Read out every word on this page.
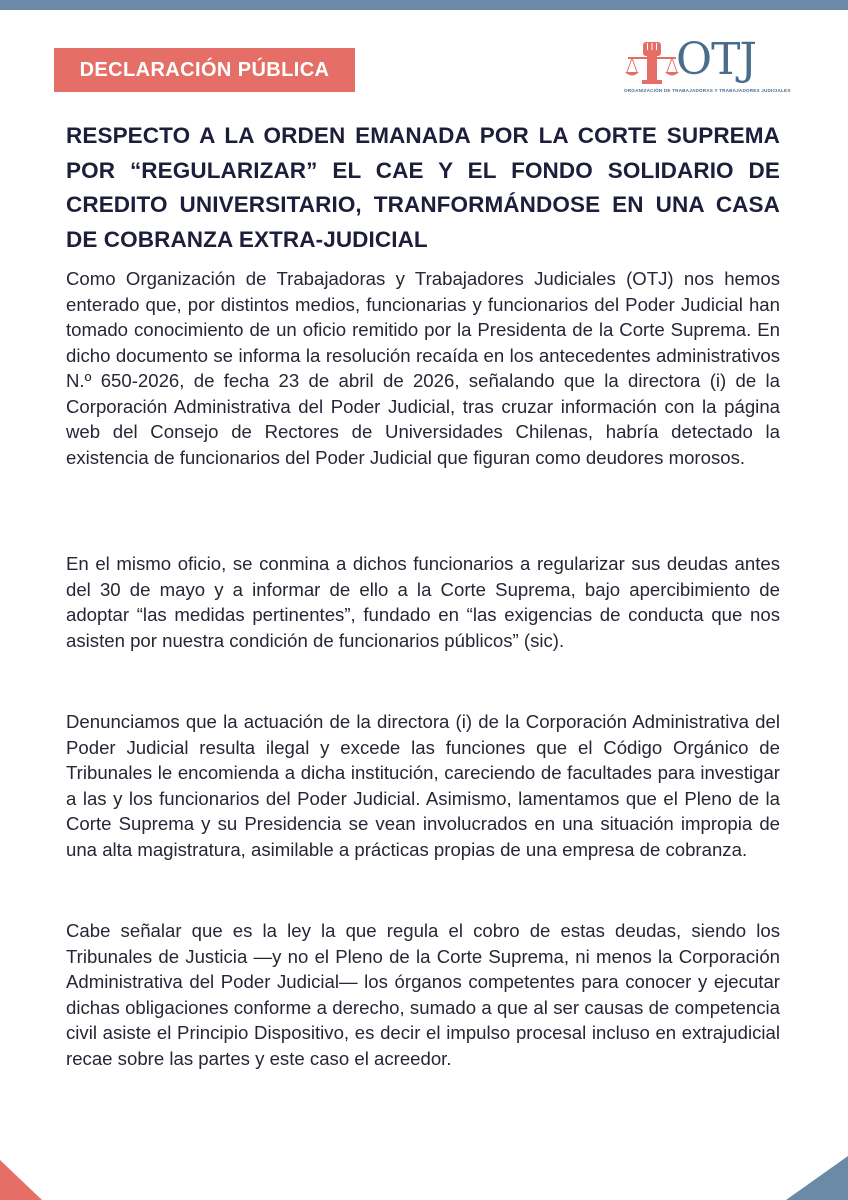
DECLARACIÓN PÚBLICA	OTJ
ORGANIZACIÓN DE TRABAJADORAS Y TRABAJADORES JUDICIALES
RESPECTO A LA ORDEN EMANADA POR LA CORTE SUPREMA POR “REGULARIZAR” EL CAE Y EL FONDO SOLIDARIO DE CREDITO UNIVERSITARIO, TRANFORMÁNDOSE EN UNA CASA DE COBRANZA EXTRA-JUDICIAL

Como Organización de Trabajadoras y Trabajadores Judiciales (OTJ) nos hemos enterado que, por distintos medios, funcionarias y funcionarios del Poder Judicial han tomado conocimiento de un oficio remitido por la Presidenta de la Corte Suprema. En dicho documento se informa la resolución recaída en los antecedentes administrativos N.º 650-2026, de fecha 23 de abril de 2026, señalando que la directora (i) de la Corporación Administrativa del Poder Judicial, tras cruzar información con la página web del Consejo de Rectores de Universidades Chilenas, habría detectado la existencia de funcionarios del Poder Judicial que figuran como deudores morosos.

En el mismo oficio, se conmina a dichos funcionarios a regularizar sus deudas antes del 30 de mayo y a informar de ello a la Corte Suprema, bajo apercibimiento de adoptar “las medidas pertinentes”, fundado en “las exigencias de conducta que nos asisten por nuestra condición de funcionarios públicos” (sic).

Denunciamos que la actuación de la directora (i) de la Corporación Administrativa del Poder Judicial resulta ilegal y excede las funciones que el Código Orgánico de Tribunales le encomienda a dicha institución, careciendo de facultades para investigar a las y los funcionarios del Poder Judicial. Asimismo, lamentamos que el Pleno de la Corte Suprema y su Presidencia se vean involucrados en una situación impropia de una alta magistratura, asimilable a prácticas propias de una empresa de cobranza.

Cabe señalar que es la ley la que regula el cobro de estas deudas, siendo los Tribunales de Justicia —y no el Pleno de la Corte Suprema, ni menos la Corporación Administrativa del Poder Judicial— los órganos competentes para conocer y ejecutar dichas obligaciones conforme a derecho, sumado a que al ser causas de competencia civil asiste el Principio Dispositivo, es decir el impulso procesal incluso en extrajudicial recae sobre las partes y este caso el acreedor.
